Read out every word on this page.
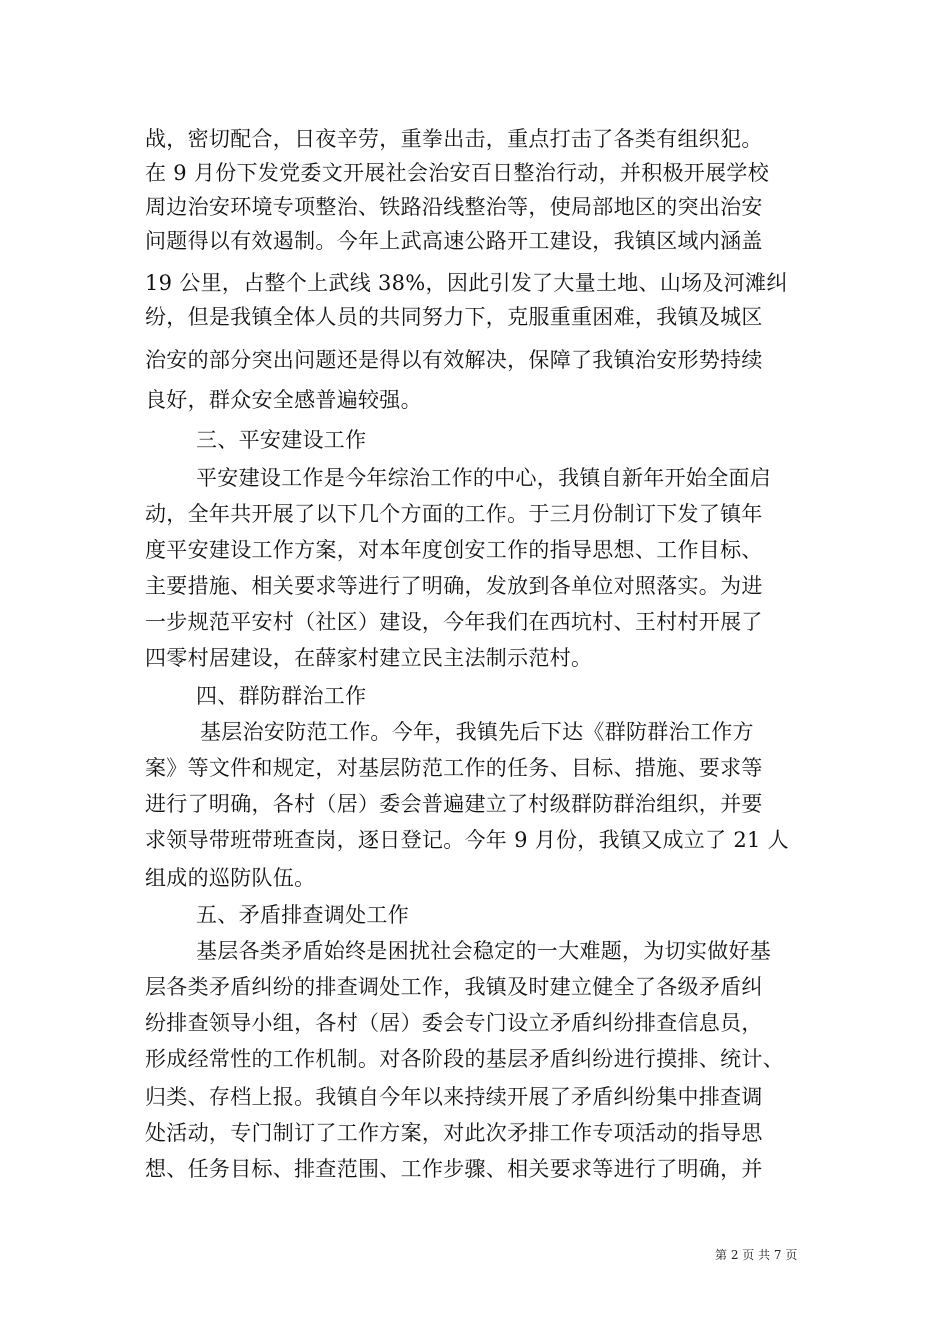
战，密切配合，日夜辛劳，重拳出击，重点打击了各类有组织犯。
在 9 月份下发党委文开展社会治安百日整治行动，并积极开展学校
周边治安环境专项整治、铁路沿线整治等，使局部地区的突出治安
问题得以有效遏制。今年上武高速公路开工建设，我镇区域内涵盖
19 公里，占整个上武线 38%，因此引发了大量土地、山场及河滩纠
纷，但是我镇全体人员的共同努力下，克服重重困难，我镇及城区
治安的部分突出问题还是得以有效解决，保障了我镇治安形势持续
良好，群众安全感普遍较强。
三、平安建设工作
平安建设工作是今年综治工作的中心，我镇自新年开始全面启
动，全年共开展了以下几个方面的工作。于三月份制订下发了镇年
度平安建设工作方案，对本年度创安工作的指导思想、工作目标、
主要措施、相关要求等进行了明确，发放到各单位对照落实。为进
一步规范平安村（社区）建设，今年我们在西坑村、王村村开展了
四零村居建设，在薛家村建立民主法制示范村。
四、群防群治工作
基层治安防范工作。今年，我镇先后下达《群防群治工作方
案》等文件和规定，对基层防范工作的任务、目标、措施、要求等
进行了明确，各村（居）委会普遍建立了村级群防群治组织，并要
求领导带班带班查岗，逐日登记。今年 9 月份，我镇又成立了 21 人
组成的巡防队伍。
五、矛盾排查调处工作
基层各类矛盾始终是困扰社会稳定的一大难题，为切实做好基
层各类矛盾纠纷的排查调处工作，我镇及时建立健全了各级矛盾纠
纷排查领导小组，各村（居）委会专门设立矛盾纠纷排查信息员，
形成经常性的工作机制。对各阶段的基层矛盾纠纷进行摸排、统计、
归类、存档上报。我镇自今年以来持续开展了矛盾纠纷集中排查调
处活动，专门制订了工作方案，对此次矛排工作专项活动的指导思
想、任务目标、排查范围、工作步骤、相关要求等进行了明确，并
第 2 页 共 7 页
